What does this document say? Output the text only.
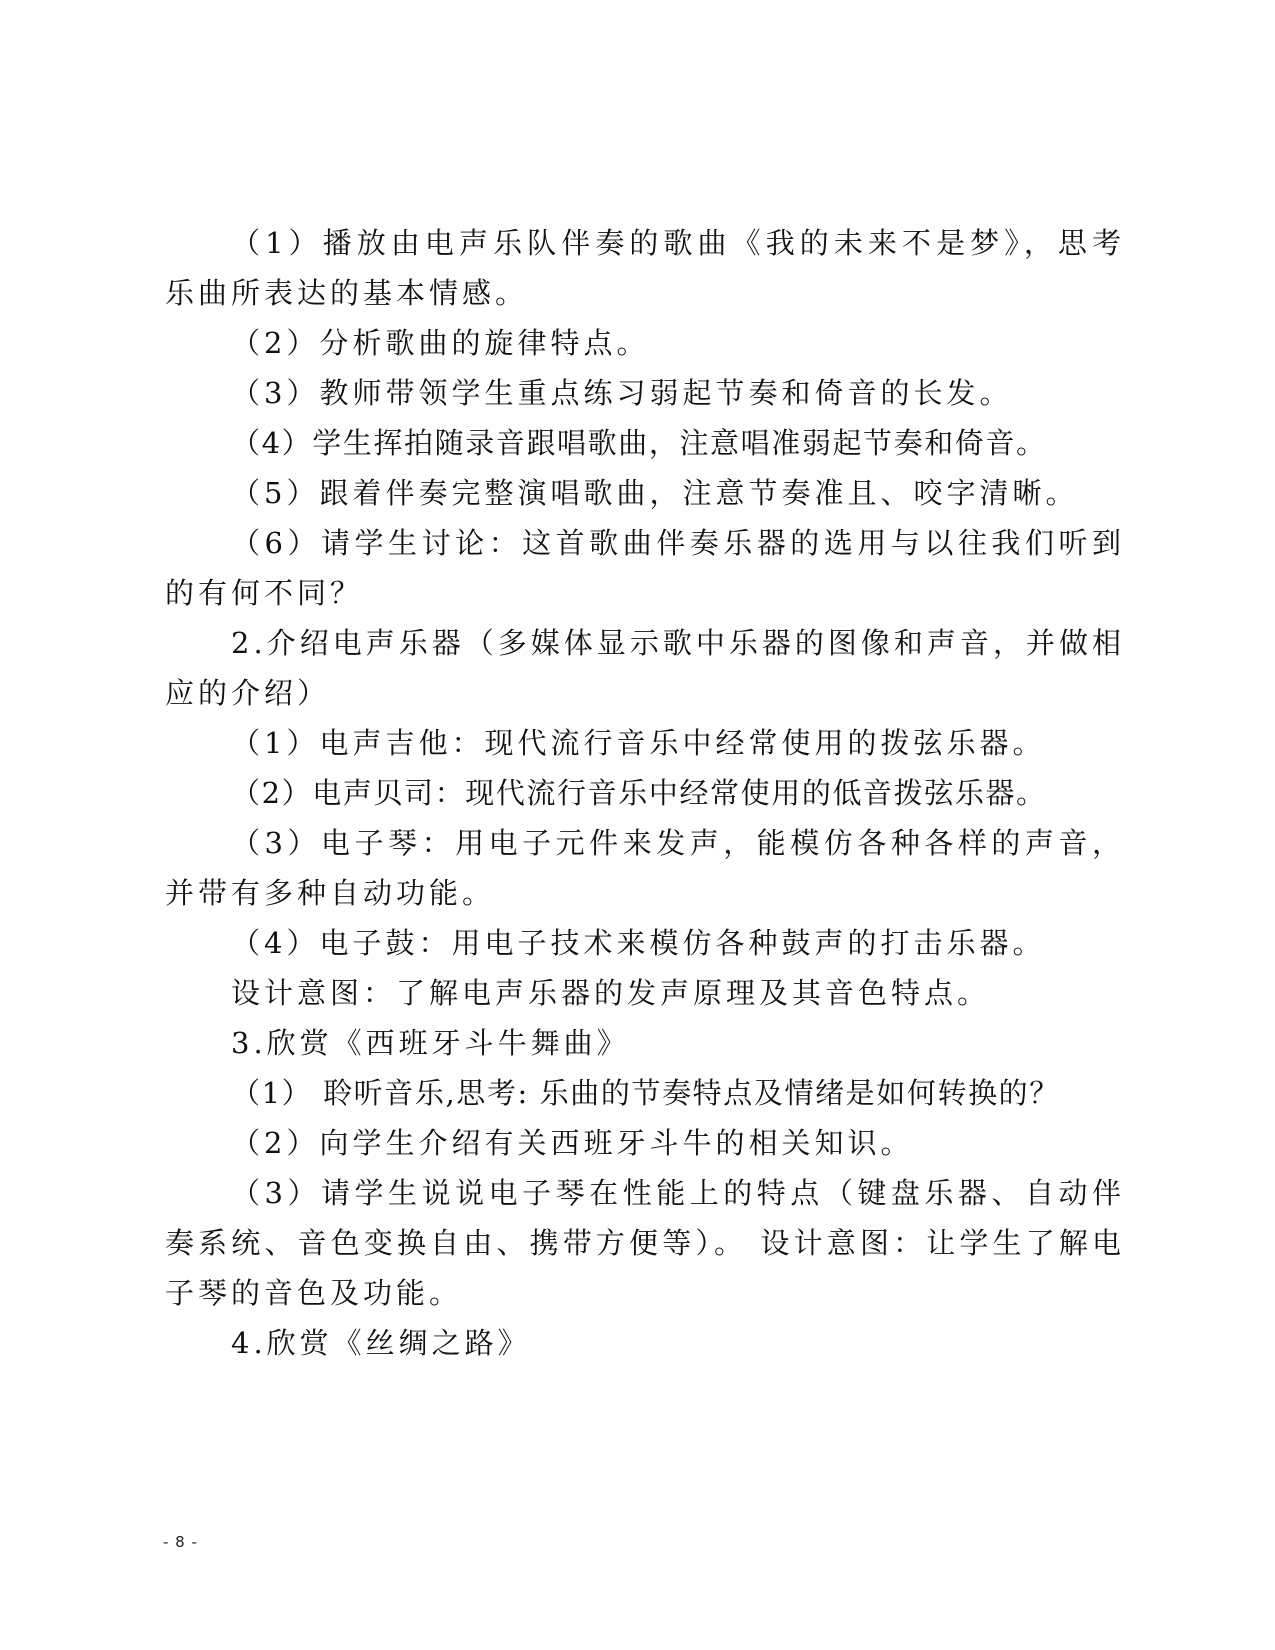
（1）播放由电声乐队伴奏的歌曲《我的未来不是梦》，思考乐曲所表达的基本情感。

（2）分析歌曲的旋律特点。

（3）教师带领学生重点练习弱起节奏和倚音的长发。

（4）学生挥拍随录音跟唱歌曲，注意唱准弱起节奏和倚音。

（5）跟着伴奏完整演唱歌曲，注意节奏准且、咬字清晰。

（6）请学生讨论：这首歌曲伴奏乐器的选用与以往我们听到的有何不同？

2.介绍电声乐器（多媒体显示歌中乐器的图像和声音，并做相应的介绍）

（1）电声吉他：现代流行音乐中经常使用的拨弦乐器。

（2）电声贝司：现代流行音乐中经常使用的低音拨弦乐器。

（3）电子琴：用电子元件来发声，能模仿各种各样的声音，并带有多种自动功能。

（4）电子鼓：用电子技术来模仿各种鼓声的打击乐器。

设计意图：了解电声乐器的发声原理及其音色特点。

3.欣赏《西班牙斗牛舞曲》

（1） 聆听音乐,思考: 乐曲的节奏特点及情绪是如何转换的？

（2）向学生介绍有关西班牙斗牛的相关知识。

（3）请学生说说电子琴在性能上的特点（键盘乐器、自动伴奏系统、音色变换自由、携带方便等）。 设计意图：让学生了解电子琴的音色及功能。

4.欣赏《丝绸之路》

- 8 -
